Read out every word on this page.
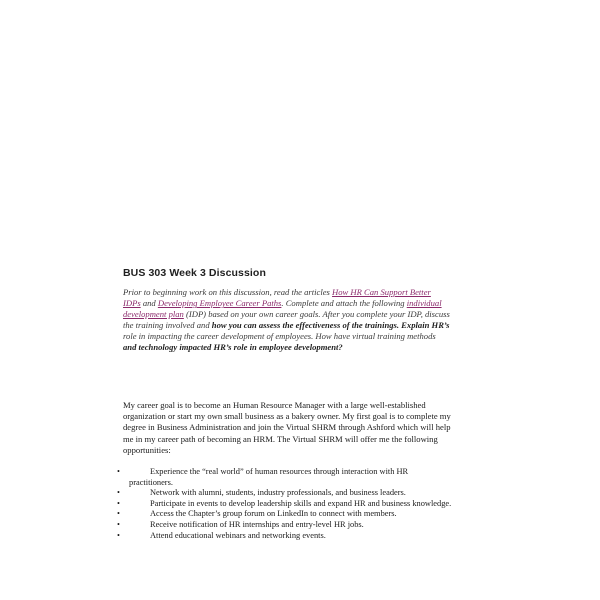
BUS 303 Week 3 Discussion
Prior to beginning work on this discussion, read the articles How HR Can Support Better
IDPs and Developing Employee Career Paths. Complete and attach the following individual
development plan (IDP) based on your own career goals. After you complete your IDP, discuss
the training involved and how you can assess the effectiveness of the trainings. Explain HR’s
role in impacting the career development of employees. How have virtual training methods
and technology impacted HR’s role in employee development?
My career goal is to become an Human Resource Manager with a large well-established
organization or start my own small business as a bakery owner. My first goal is to complete my
degree in Business Administration and join the Virtual SHRM through Ashford which will help
me in my career path of becoming an HRM. The Virtual SHRM will offer me the following
opportunities:
•	Experience the “real world” of human resources through interaction with HR
practitioners.
•	Network with alumni, students, industry professionals, and business leaders.
•	Participate in events to develop leadership skills and expand HR and business knowledge.
•	Access the Chapter’s group forum on LinkedIn to connect with members.
•	Receive notification of HR internships and entry-level HR jobs.
•	Attend educational webinars and networking events.
